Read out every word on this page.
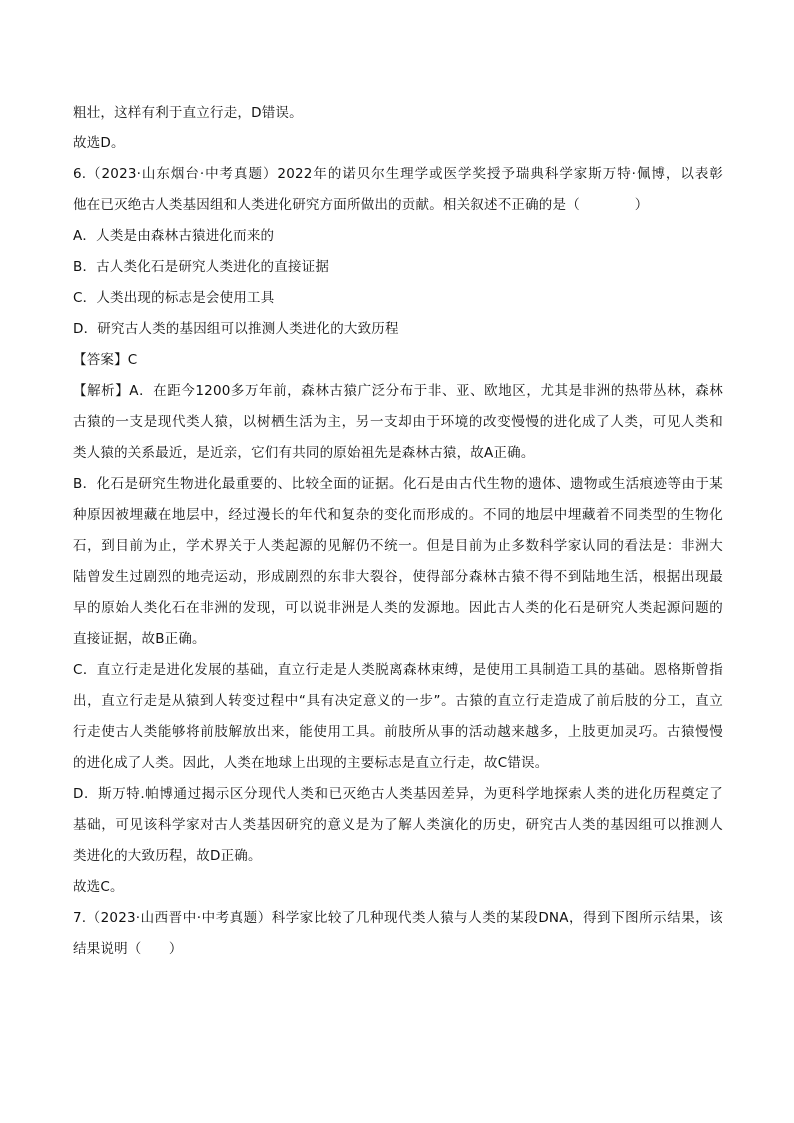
粗壮，这样有利于直立行走，D错误。
故选D。
6.（2023·山东烟台·中考真题）2022年的诺贝尔生理学或医学奖授予瑞典科学家斯万特·佩博，以表彰
他在已灭绝古人类基因组和人类进化研究方面所做出的贡献。相关叙述不正确的是（　　　　）
A．人类是由森林古猿进化而来的
B．古人类化石是研究人类进化的直接证据
C．人类出现的标志是会使用工具
D．研究古人类的基因组可以推测人类进化的大致历程
【答案】C
【解析】A．在距今1200多万年前，森林古猿广泛分布于非、亚、欧地区，尤其是非洲的热带丛林，森林
古猿的一支是现代类人猿，以树栖生活为主，另一支却由于环境的改变慢慢的进化成了人类，可见人类和
类人猿的关系最近，是近亲，它们有共同的原始祖先是森林古猿，故A正确。
B．化石是研究生物进化最重要的、比较全面的证据。化石是由古代生物的遗体、遗物或生活痕迹等由于某
种原因被埋藏在地层中，经过漫长的年代和复杂的变化而形成的。不同的地层中埋藏着不同类型的生物化
石，到目前为止，学术界关于人类起源的见解仍不统一。但是目前为止多数科学家认同的看法是：非洲大
陆曾发生过剧烈的地壳运动，形成剧烈的东非大裂谷，使得部分森林古猿不得不到陆地生活，根据出现最
早的原始人类化石在非洲的发现，可以说非洲是人类的发源地。因此古人类的化石是研究人类起源问题的
直接证据，故B正确。
C．直立行走是进化发展的基础，直立行走是人类脱离森林束缚，是使用工具制造工具的基础。恩格斯曾指
出，直立行走是从猿到人转变过程中“具有决定意义的一步”。古猿的直立行走造成了前后肢的分工，直立
行走使古人类能够将前肢解放出来，能使用工具。前肢所从事的活动越来越多，上肢更加灵巧。古猿慢慢
的进化成了人类。因此，人类在地球上出现的主要标志是直立行走，故C错误。
D．斯万特.帕博通过揭示区分现代人类和已灭绝古人类基因差异，为更科学地探索人类的进化历程奠定了
基础，可见该科学家对古人类基因研究的意义是为了解人类演化的历史，研究古人类的基因组可以推测人
类进化的大致历程，故D正确。
故选C。
7.（2023·山西晋中·中考真题）科学家比较了几种现代类人猿与人类的某段DNA，得到下图所示结果，该
结果说明（　　）
